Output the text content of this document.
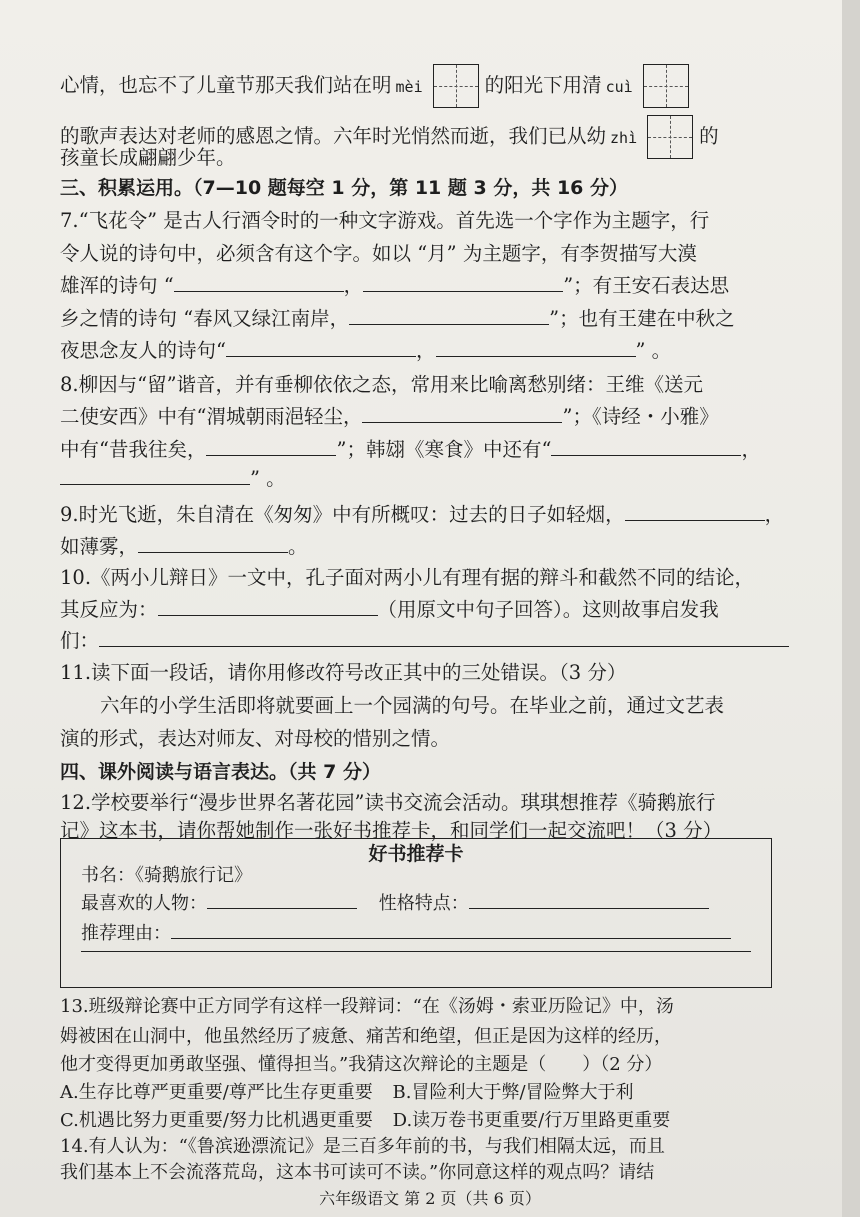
心情，也忘不了儿童节那天我们站在明 mèi	的阳光下用清 cuì
的歌声表达对老师的感恩之情。六年时光悄然而逝，我们已从幼 zhì	的
孩童长成翩翩少年。
三、积累运用。（7—10 题每空 1 分，第 11 题 3 分，共 16 分）
7.“飞花令” 是古人行酒令时的一种文字游戏。首先选一个字作为主题字，行
令人说的诗句中，必须含有这个字。如以 “月” 为主题字，有李贺描写大漠
雄浑的诗句 “	，	”；有王安石表达思
乡之情的诗句 “春风又绿江南岸，	”；也有王建在中秋之
夜思念友人的诗句“	，	” 。
8.柳因与“留”谐音，并有垂柳依依之态，常用来比喻离愁别绪：王维《送元
二使安西》中有“渭城朝雨浥轻尘，	”；《诗经・小雅》
中有“昔我往矣，	”；韩翃《寒食》中还有“	，
” 。
9.时光飞逝，朱自清在《匆匆》中有所概叹：过去的日子如轻烟，	，
如薄雾，	。
10.《两小儿辩日》一文中，孔子面对两小儿有理有据的辩斗和截然不同的结论，
其反应为：	（用原文中句子回答）。这则故事启发我
们：
11.读下面一段话，请你用修改符号改正其中的三处错误。（3 分）
六年的小学生活即将就要画上一个园满的句号。在毕业之前，通过文艺表
演的形式，表达对师友、对母校的惜别之情。
四、课外阅读与语言表达。（共 7 分）
12.学校要举行“漫步世界名著花园”读书交流会活动。琪琪想推荐《骑鹅旅行
记》这本书，请你帮她制作一张好书推荐卡，和同学们一起交流吧！（3 分）
好书推荐卡
书名：《骑鹅旅行记》
最喜欢的人物：	性格特点：
推荐理由：
13.班级辩论赛中正方同学有这样一段辩词：“在《汤姆・索亚历险记》中，汤
姆被困在山洞中，他虽然经历了疲惫、痛苦和绝望，但正是因为这样的经历，
他才变得更加勇敢坚强、懂得担当。”我猜这次辩论的主题是（　　）（2 分）
A.生存比尊严更重要/尊严比生存更重要 B.冒险利大于弊/冒险弊大于利
C.机遇比努力更重要/努力比机遇更重要 D.读万卷书更重要/行万里路更重要
14.有人认为：“《鲁滨逊漂流记》是三百多年前的书，与我们相隔太远，而且
我们基本上不会流落荒岛，这本书可读可不读。”你同意这样的观点吗？请结
六年级语文 第 2 页（共 6 页）
